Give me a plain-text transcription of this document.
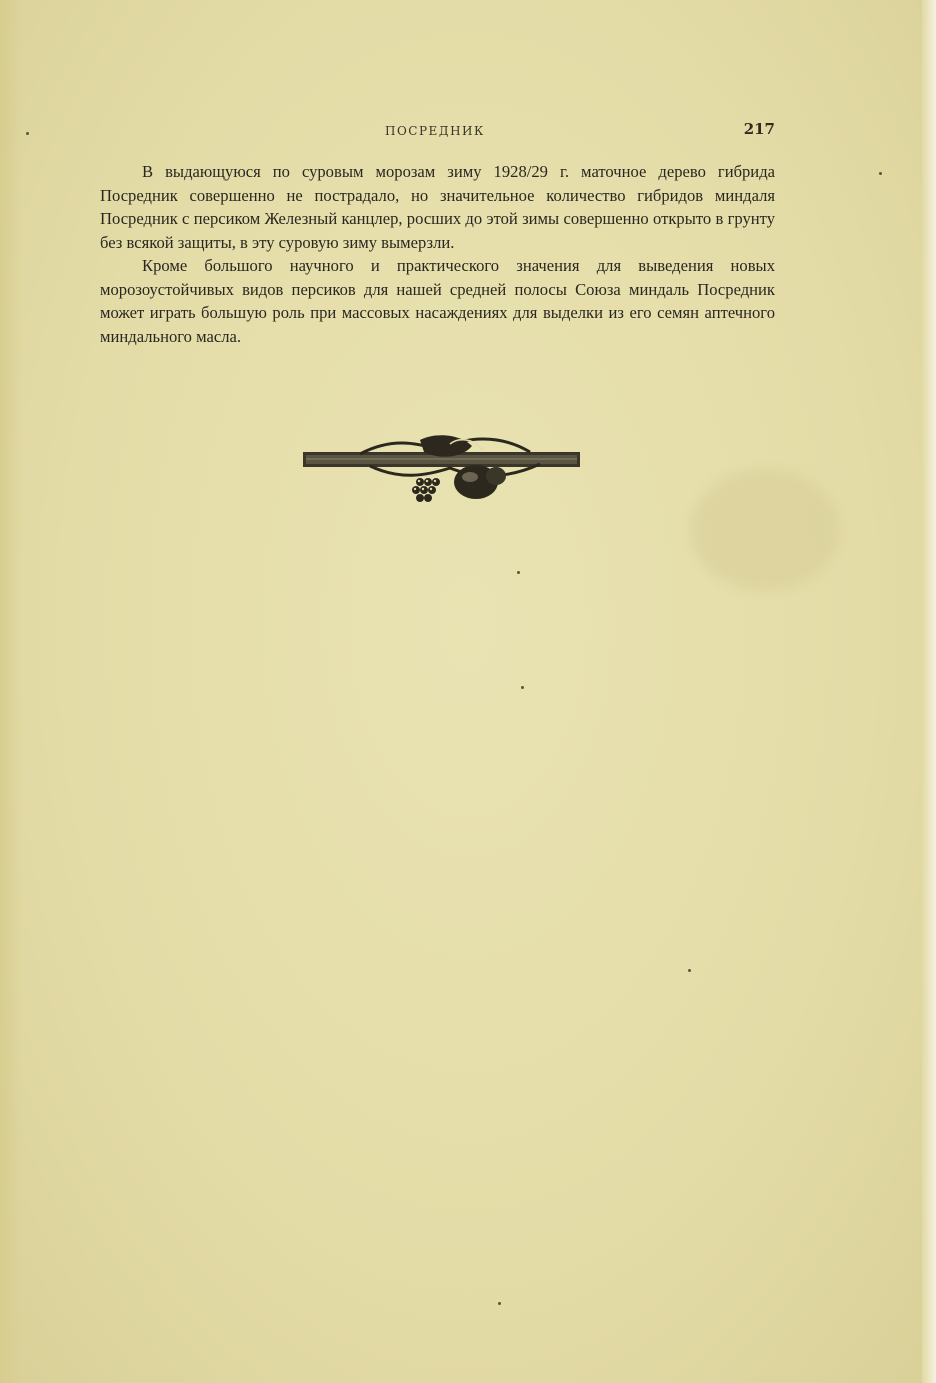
ПОСРЕДНИК	217

В выдающуюся по суровым морозам зиму 1928/29 г. маточное дерево гибрида Посредник совершенно не пострадало, но значительное количество гибридов миндаля Посредник с персиком Железный канцлер, росших до этой зимы совершенно открыто в грунту без всякой защиты, в эту суровую зиму вымерзли.

Кроме большого научного и практического значения для выведения новых морозоустойчивых видов персиков для нашей средней полосы Союза миндаль Посредник может играть большую роль при массовых насаждениях для выделки из его семян аптечного миндального масла.
